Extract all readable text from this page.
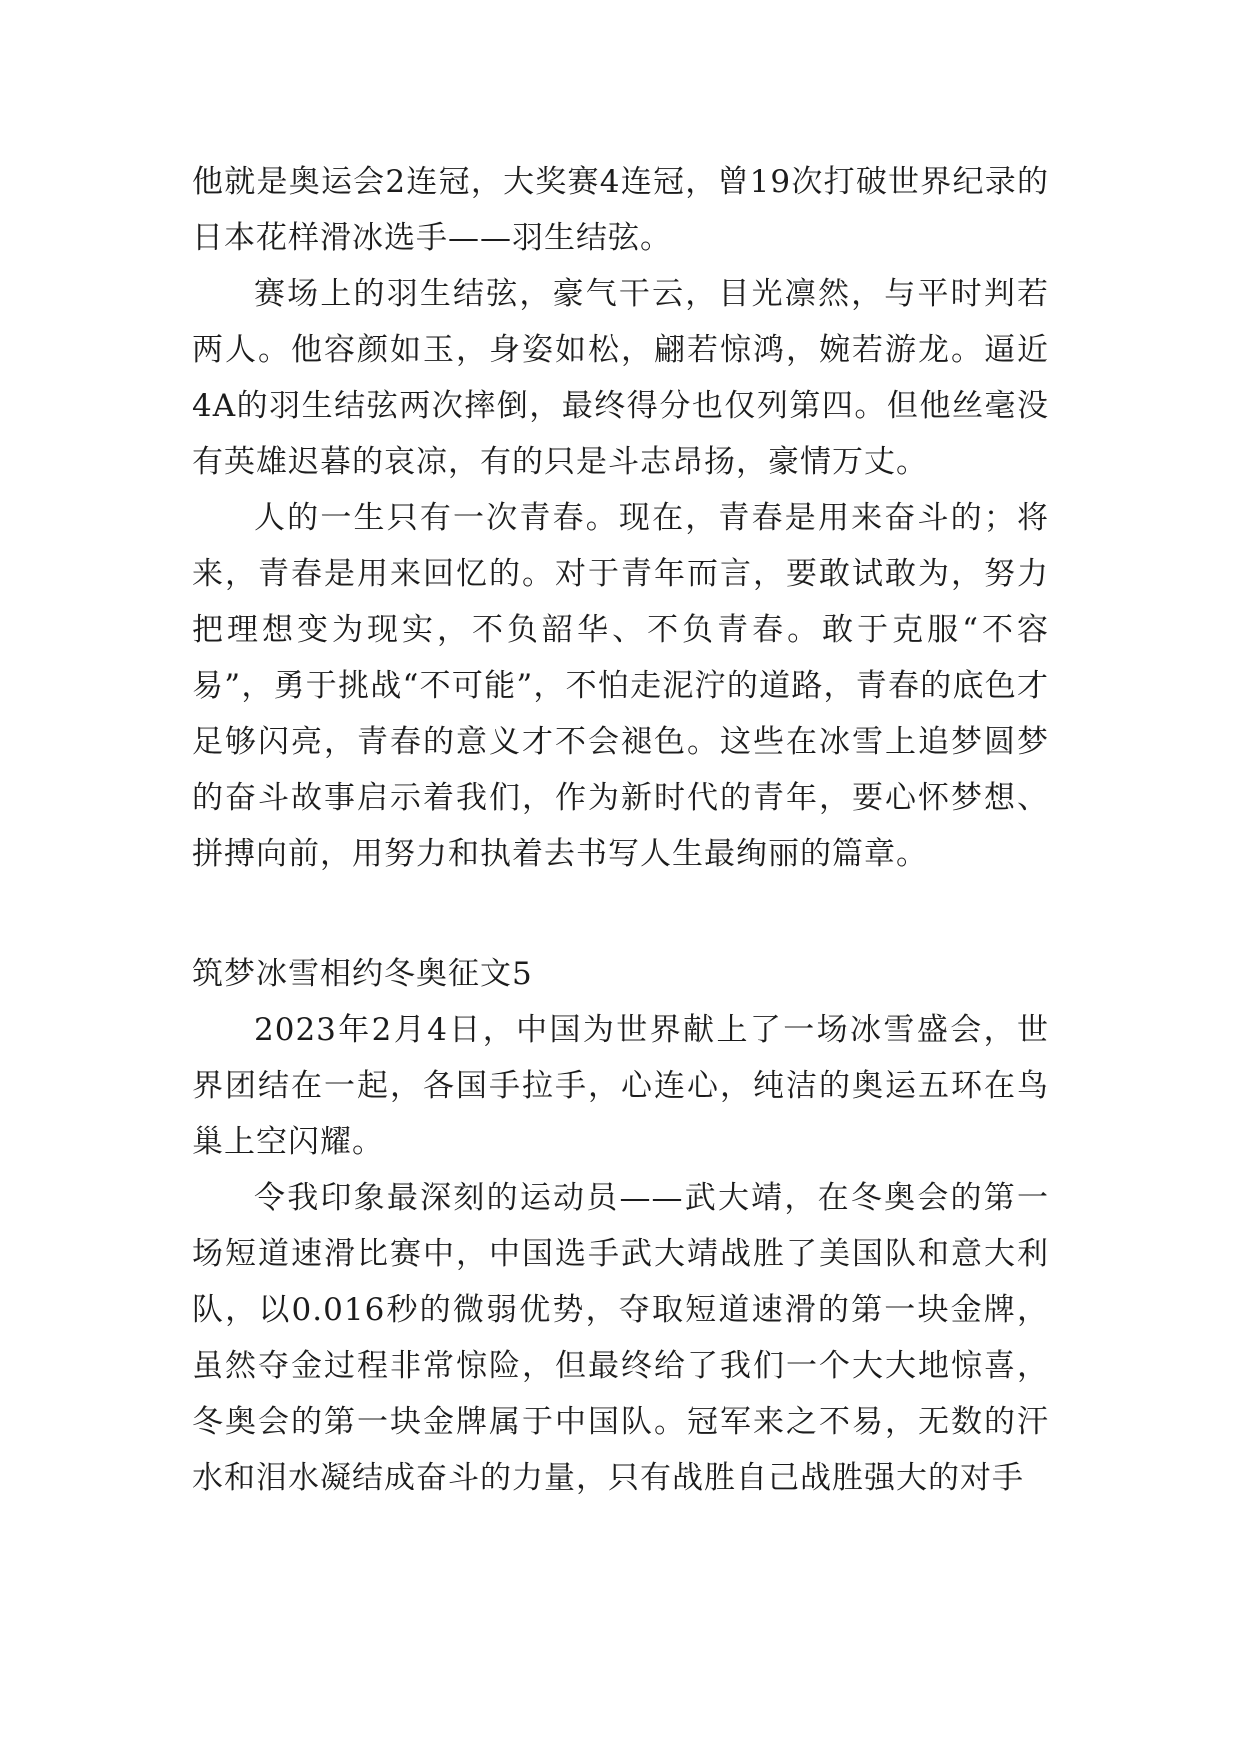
他就是奥运会2连冠，大奖赛4连冠，曾19次打破世界纪录的日本花样滑冰选手——羽生结弦。

赛场上的羽生结弦，豪气干云，目光凛然，与平时判若两人。他容颜如玉，身姿如松，翩若惊鸿，婉若游龙。逼近4A的羽生结弦两次摔倒，最终得分也仅列第四。但他丝毫没有英雄迟暮的哀凉，有的只是斗志昂扬，豪情万丈。

人的一生只有一次青春。现在，青春是用来奋斗的；将来，青春是用来回忆的。对于青年而言，要敢试敢为，努力把理想变为现实，不负韶华、不负青春。敢于克服“不容易”，勇于挑战“不可能”，不怕走泥泞的道路，青春的底色才足够闪亮，青春的意义才不会褪色。这些在冰雪上追梦圆梦的奋斗故事启示着我们，作为新时代的青年，要心怀梦想、拼搏向前，用努力和执着去书写人生最绚丽的篇章。

筑梦冰雪相约冬奥征文5

2023年2月4日，中国为世界献上了一场冰雪盛会，世界团结在一起，各国手拉手，心连心，纯洁的奥运五环在鸟巢上空闪耀。

令我印象最深刻的运动员——武大靖，在冬奥会的第一场短道速滑比赛中，中国选手武大靖战胜了美国队和意大利队，以0.016秒的微弱优势，夺取短道速滑的第一块金牌，虽然夺金过程非常惊险，但最终给了我们一个大大地惊喜，冬奥会的第一块金牌属于中国队。冠军来之不易，无数的汗水和泪水凝结成奋斗的力量，只有战胜自己战胜强大的对手
